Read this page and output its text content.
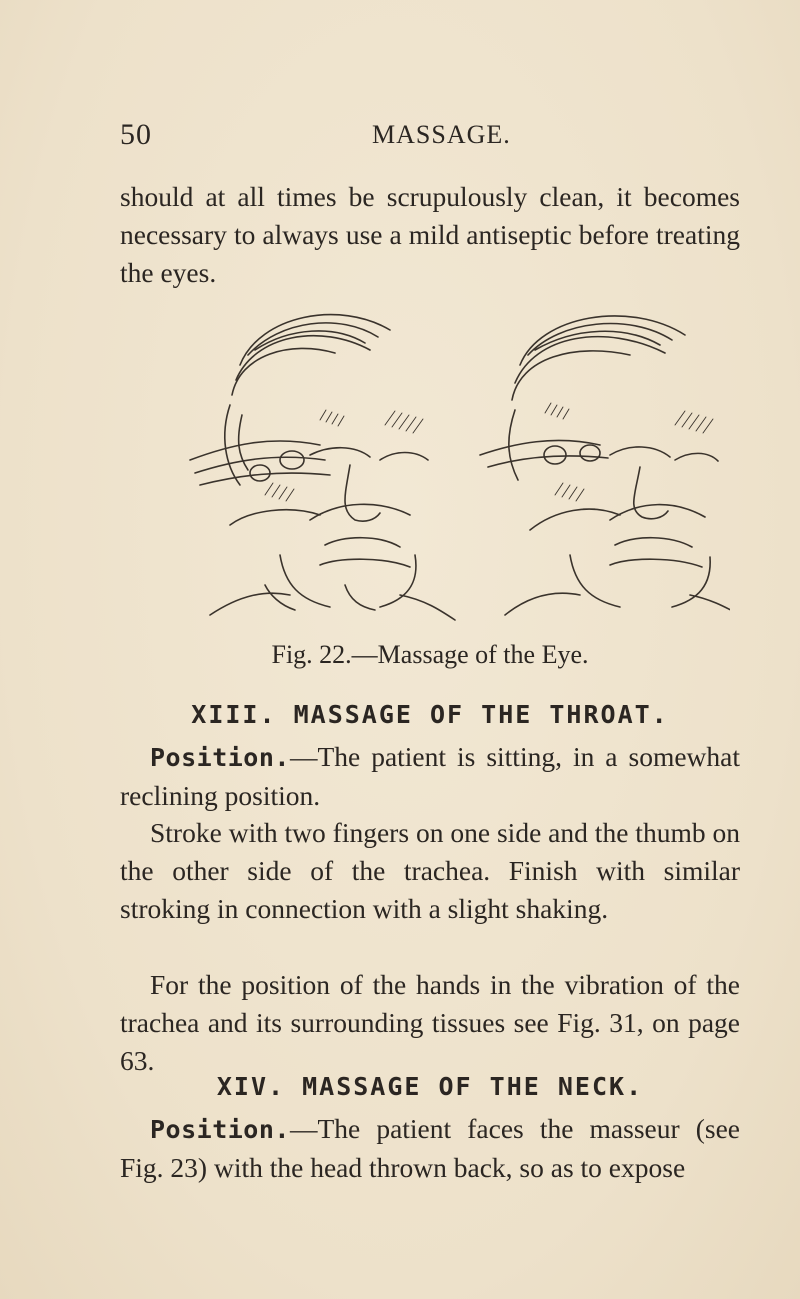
50	MASSAGE.

should at all times be scrupulously clean, it becomes necessary to always use a mild antiseptic before treating the eyes.

Fig. 22.—Massage of the Eye.
XIII. MASSAGE OF THE THROAT.

Position.—The patient is sitting, in a somewhat reclining position.

Stroke with two fingers on one side and the thumb on the other side of the trachea. Finish with similar stroking in connection with a slight shaking.

For the position of the hands in the vibration of the trachea and its surrounding tissues see Fig. 31, on page 63.

XIV. MASSAGE OF THE NECK.

Position.—The patient faces the masseur (see Fig. 23) with the head thrown back, so as to expose
